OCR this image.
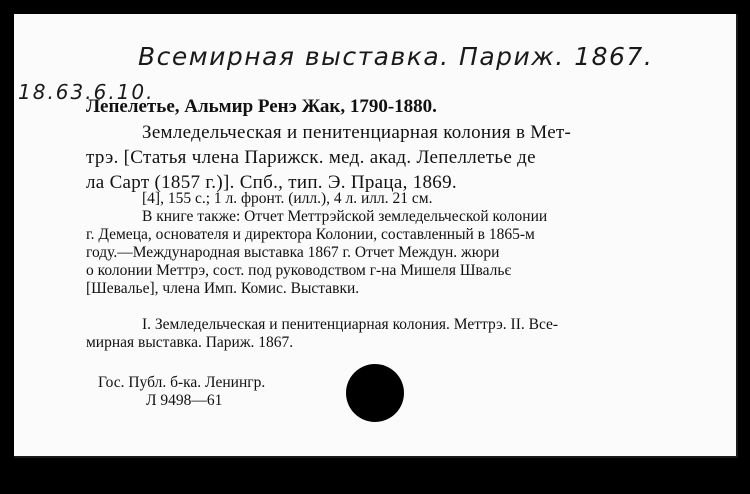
Всемирная выставка. Париж. 1867.
18.63.6.10.
Лепелетье, Альмир Ренэ Жак, 1790-1880.
Земледельческая и пенитенциарная колония в Мет-
трэ. [Статья члена Парижск. мед. акад. Лепеллетье де
ла Сарт (1857 г.)]. Спб., тип. Э. Праца, 1869.
[4], 155 с.; 1 л. фронт. (илл.), 4 л. илл. 21 см.
В книге также: Отчет Меттрэйской земледельческой колонии
г. Демеца, основателя и директора Колонии, составленный в 1865-м
году.—Международная выставка 1867 г. Отчет Междун. жюри
о колонии Меттрэ, сост. под руководством г-на Мишеля Швальє
[Шевалье], члена Имп. Комис. Выставки.
I. Земледельческая и пенитенциарная колония. Меттрэ. II. Все-
мирная выставка. Париж. 1867.
Гос. Публ. б-ка. Ленингр.
Л 9498—61
